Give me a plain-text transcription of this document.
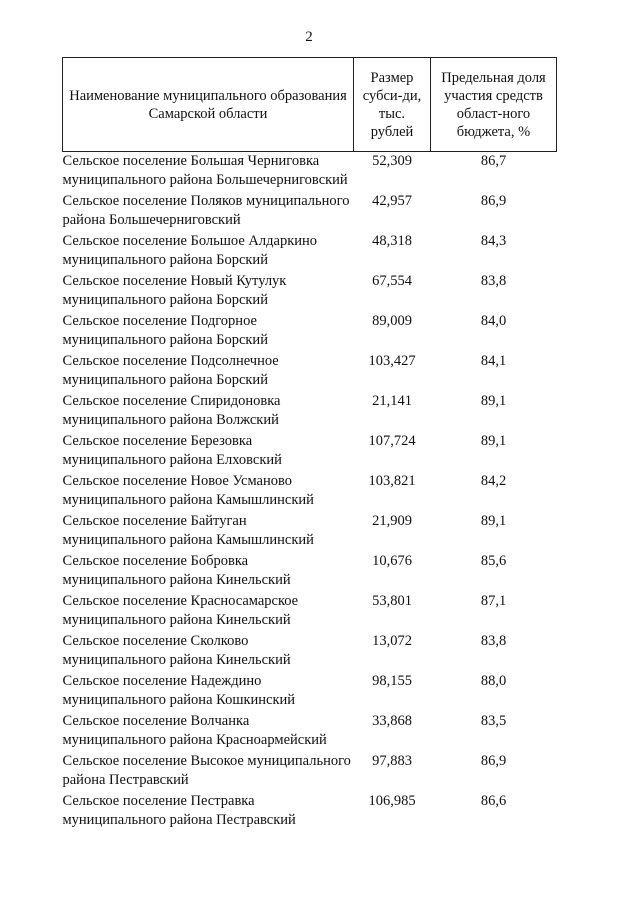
2
Наименование муниципального образования Самарской области	Размер субси-ди, тыс. рублей	Предельная доля участия средств област-ного бюджета, %
Сельское поселение Большая Черниговка муниципального района Большечерниговский	52,309	86,7
Сельское поселение Поляков муниципального района Большечерниговский	42,957	86,9
Сельское поселение Большое Алдаркино муниципального района Борский	48,318	84,3
Сельское поселение Новый Кутулук муниципального района Борский	67,554	83,8
Сельское поселение Подгорное муниципального района Борский	89,009	84,0
Сельское поселение Подсолнечное муниципального района Борский	103,427	84,1
Сельское поселение Спиридоновка муниципального района Волжский	21,141	89,1
Сельское поселение Березовка муниципального района Елховский	107,724	89,1
Сельское поселение Новое Усманово муниципального района Камышлинский	103,821	84,2
Сельское поселение Байтуган муниципального района Камышлинский	21,909	89,1
Сельское поселение Бобровка муниципального района Кинельский	10,676	85,6
Сельское поселение Красносамарское муниципального района Кинельский	53,801	87,1
Сельское поселение Сколково муниципального района Кинельский	13,072	83,8
Сельское поселение Надеждино муниципального района Кошкинский	98,155	88,0
Сельское поселение Волчанка муниципального района Красноармейский	33,868	83,5
Сельское поселение Высокое муниципального района Пестравский	97,883	86,9
Сельское поселение Пестравка муниципального района Пестравский	106,985	86,6
